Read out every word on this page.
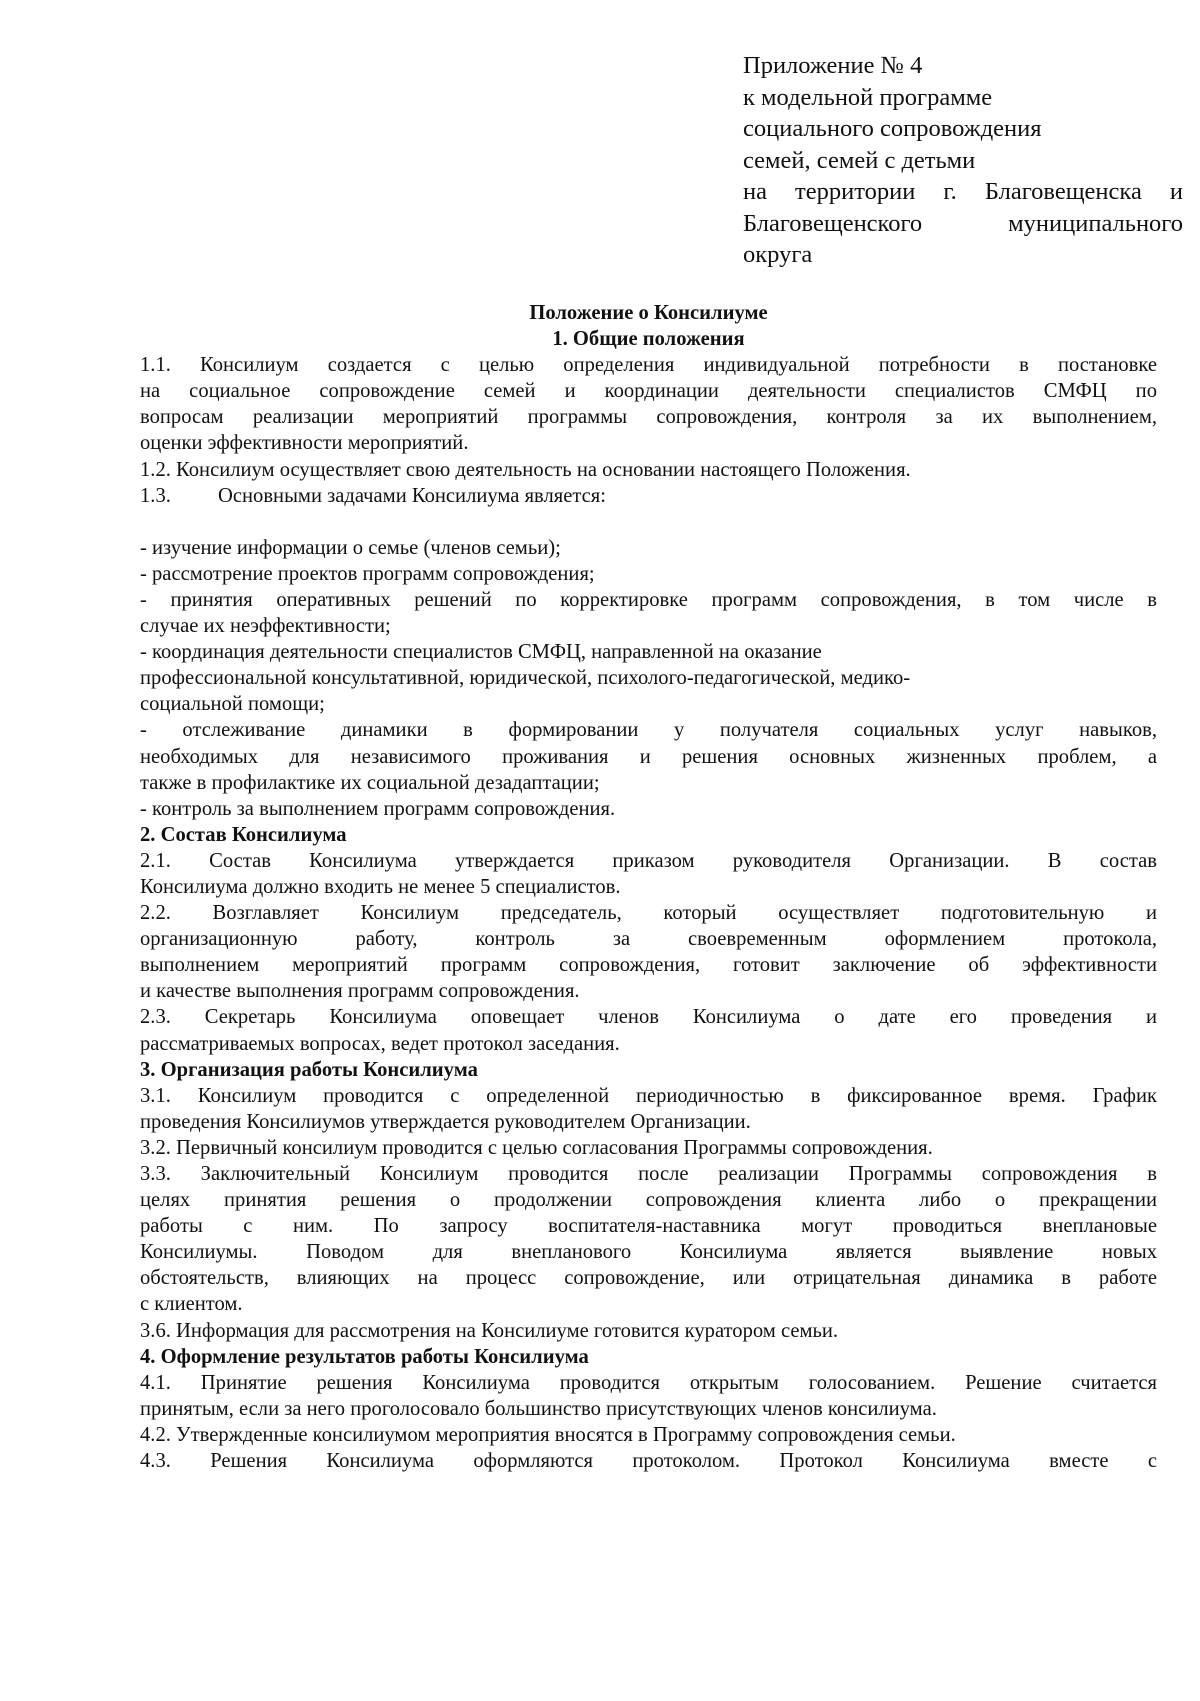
Приложение № 4
к модельной программе
социального сопровождения
семей, семей с детьми
на территории г. Благовещенска и
Благовещенского муниципального
округа
Положение о Консилиуме
1. Общие положения
1.1. Консилиум создается с целью определения индивидуальной потребности в постановке
на социальное сопровождение семей и координации деятельности специалистов СМФЦ по
вопросам реализации мероприятий программы сопровождения, контроля за их выполнением,
оценки эффективности мероприятий.
1.2. Консилиум осуществляет свою деятельность на основании настоящего Положения.
1.3. Основными задачами Консилиума является:
- изучение информации о семье (членов семьи);
- рассмотрение проектов программ сопровождения;
- принятия оперативных решений по корректировке программ сопровождения, в том числе в
случае их неэффективности;
- координация деятельности специалистов СМФЦ, направленной на оказание
профессиональной консультативной, юридической, психолого-педагогической, медико-
социальной помощи;
- отслеживание динамики в формировании у получателя социальных услуг навыков,
необходимых для независимого проживания и решения основных жизненных проблем, а
также в профилактике их социальной дезадаптации;
- контроль за выполнением программ сопровождения.
2. Состав Консилиума
2.1. Состав Консилиума утверждается приказом руководителя Организации. В состав
Консилиума должно входить не менее 5 специалистов.
2.2. Возглавляет Консилиум председатель, который осуществляет подготовительную и
организационную работу, контроль за своевременным оформлением протокола,
выполнением мероприятий программ сопровождения, готовит заключение об эффективности
и качестве выполнения программ сопровождения.
2.3. Секретарь Консилиума оповещает членов Консилиума о дате его проведения и
рассматриваемых вопросах, ведет протокол заседания.
3. Организация работы Консилиума
3.1. Консилиум проводится с определенной периодичностью в фиксированное время. График
проведения Консилиумов утверждается руководителем Организации.
3.2. Первичный консилиум проводится с целью согласования Программы сопровождения.
3.3. Заключительный Консилиум проводится после реализации Программы сопровождения в
целях принятия решения о продолжении сопровождения клиента либо о прекращении
работы с ним. По запросу воспитателя-наставника могут проводиться внеплановые
Консилиумы. Поводом для внепланового Консилиума является выявление новых
обстоятельств, влияющих на процесс сопровождение, или отрицательная динамика в работе
с клиентом.
3.6. Информация для рассмотрения на Консилиуме готовится куратором семьи.
4. Оформление результатов работы Консилиума
4.1. Принятие решения Консилиума проводится открытым голосованием. Решение считается
принятым, если за него проголосовало большинство присутствующих членов консилиума.
4.2. Утвержденные консилиумом мероприятия вносятся в Программу сопровождения семьи.
4.3. Решения Консилиума оформляются протоколом. Протокол Консилиума вместе с
